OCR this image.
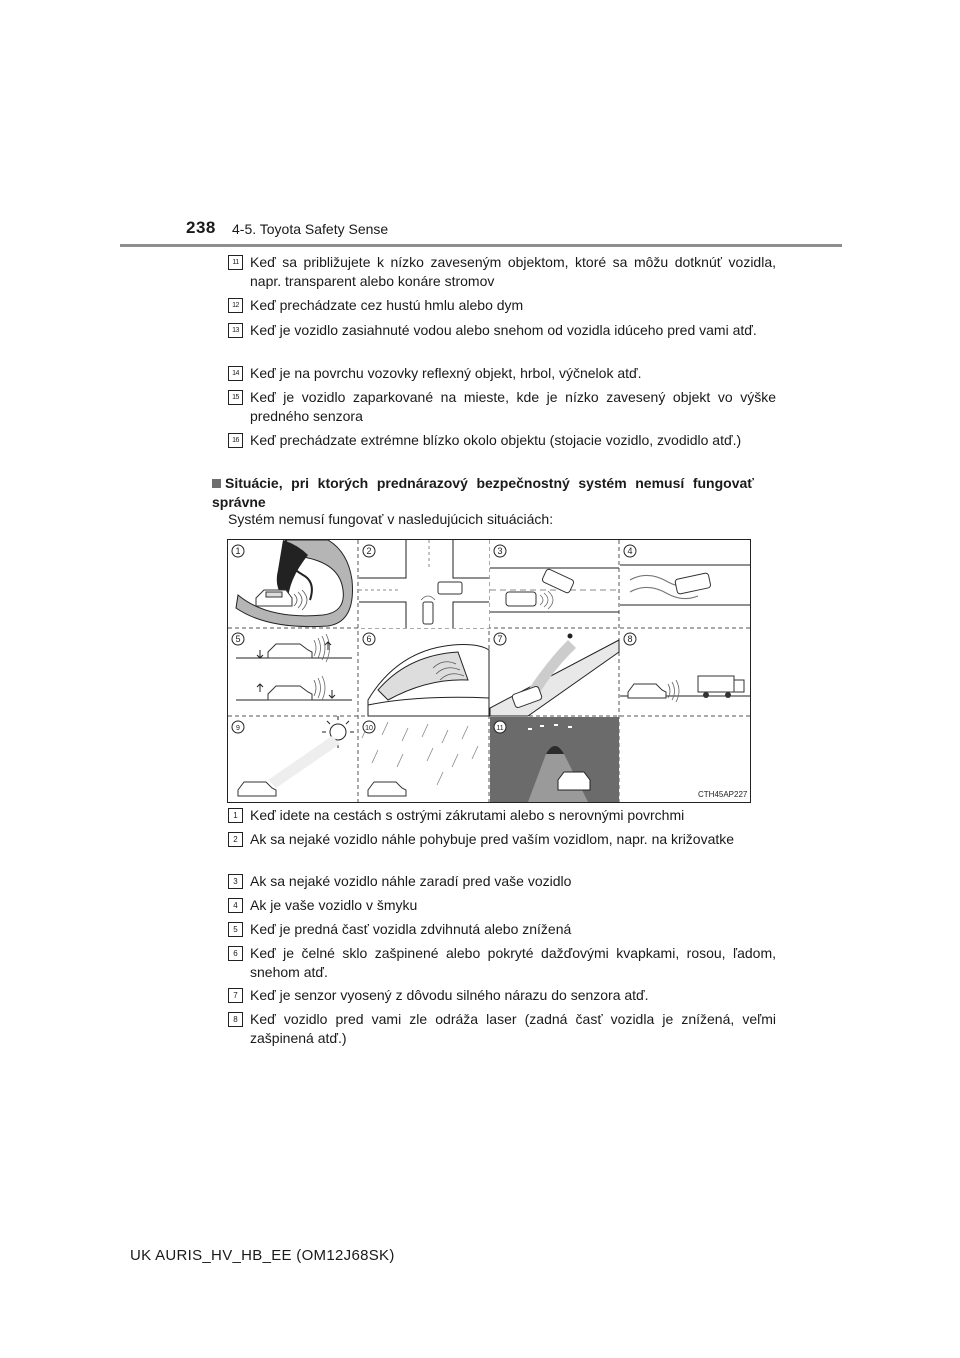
238 4-5. Toyota Safety Sense
11 Keď sa približujete k nízko zaveseným objektom, ktoré sa môžu dotknúť vozidla, napr. transparent alebo konáre stromov
12 Keď prechádzate cez hustú hmlu alebo dym
13 Keď je vozidlo zasiahnuté vodou alebo snehom od vozidla idúceho pred vami atď.
14 Keď je na povrchu vozovky reflexný objekt, hrbol, výčnelok atď.
15 Keď je vozidlo zaparkované na mieste, kde je nízko zavesený objekt vo výške predného senzora
16 Keď prechádzate extrémne blízko okolo objektu (stojacie vozidlo, zvodidlo atď.)
Situácie, pri ktorých prednárazový bezpečnostný systém nemusí fungovať správne
Systém nemusí fungovať v nasledujúcich situáciách:
1	2	3	4
5	6	7	8
9	10	11
CTH45AP227
1 Keď idete na cestách s ostrými zákrutami alebo s nerovnými povrchmi
2 Ak sa nejaké vozidlo náhle pohybuje pred vaším vozidlom, napr. na križovatke
3 Ak sa nejaké vozidlo náhle zaradí pred vaše vozidlo
4 Ak je vaše vozidlo v šmyku
5 Keď je predná časť vozidla zdvihnutá alebo znížená
6 Keď je čelné sklo zašpinené alebo pokryté dažďovými kvapkami, rosou, ľadom, snehom atď.
7 Keď je senzor vyosený z dôvodu silného nárazu do senzora atď.
8 Keď vozidlo pred vami zle odráža laser (zadná časť vozidla je znížená, veľmi zašpinená atď.)
UK AURIS_HV_HB_EE (OM12J68SK)
